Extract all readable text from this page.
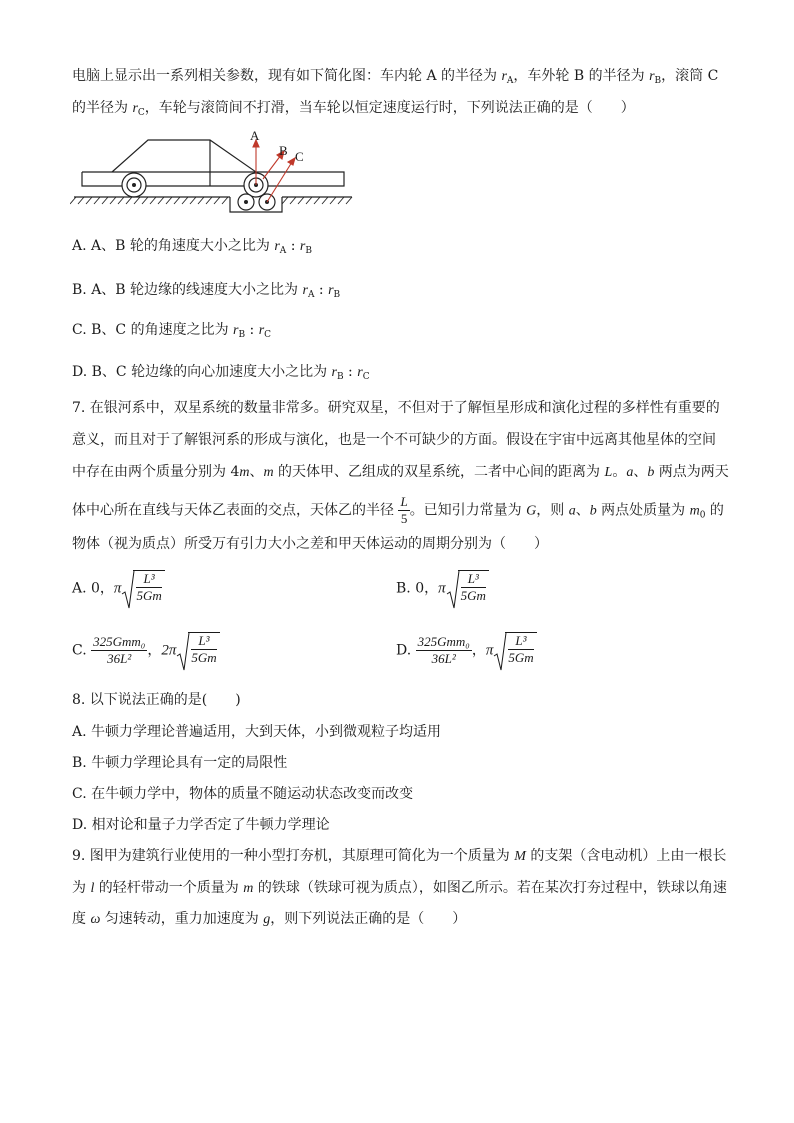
电脑上显示出一系列相关参数，现有如下简化图：车内轮 A 的半径为 $r_A$，车外轮 B 的半径为 $r_B$，滚筒 C
的半径为 $r_C$，车轮与滚筒间不打滑，当车轮以恒定速度运行时，下列说法正确的是（　　）
A
B C
A. A、B 轮的角速度大小之比为 $r_A$ : $r_B$
B. A、B 轮边缘的线速度大小之比为 $r_A$ : $r_B$
C. B、C 的角速度之比为 $r_B$ : $r_C$
D. B、C 轮边缘的向心加速度大小之比为 $r_B$ : $r_C$
7. 在银河系中，双星系统的数量非常多。研究双星，不但对于了解恒星形成和演化过程的多样性有重要的
意义，而且对于了解银河系的形成与演化，也是一个不可缺少的方面。假设在宇宙中远离其他星体的空间
中存在由两个质量分别为 4m、m 的天体甲、乙组成的双星系统，二者中心间的距离为 L。a、b 两点为两天
体中心所在直线与天体乙表面的交点，天体乙的半径 $\frac{L}{5}$ 。已知引力常量为 G，则 a、b 两点处质量为 $m_0$ 的
物体（视为质点）所受万有引力大小之差和甲天体运动的周期分别为（　　）
A. 0，π $\frac{\text{L³}}{5Gm}$	B. 0，π $\frac{\text{L³}}{5Gm}$
C. $\frac{\text{325Gmm₀}}{\text{36L²}}$ ，$2\pi \frac{\text{L³}}{5Gm}$	D. $\frac{\text{325Gmm₀}}{\text{36L²}}$ ，π $\frac{\text{L³}}{5Gm}$
8. 以下说法正确的是(　　)
A. 牛顿力学理论普遍适用，大到天体，小到微观粒子均适用
B. 牛顿力学理论具有一定的局限性
C. 在牛顿力学中，物体的质量不随运动状态改变而改变
D. 相对论和量子力学否定了牛顿力学理论
9. 图甲为建筑行业使用的一种小型打夯机，其原理可简化为一个质量为 M 的支架（含电动机）上由一根长
为 l 的轻杆带动一个质量为 m 的铁球（铁球可视为质点），如图乙所示。若在某次打夯过程中，铁球以角速
度 ω 匀速转动，重力加速度为 g，则下列说法正确的是（　　）
